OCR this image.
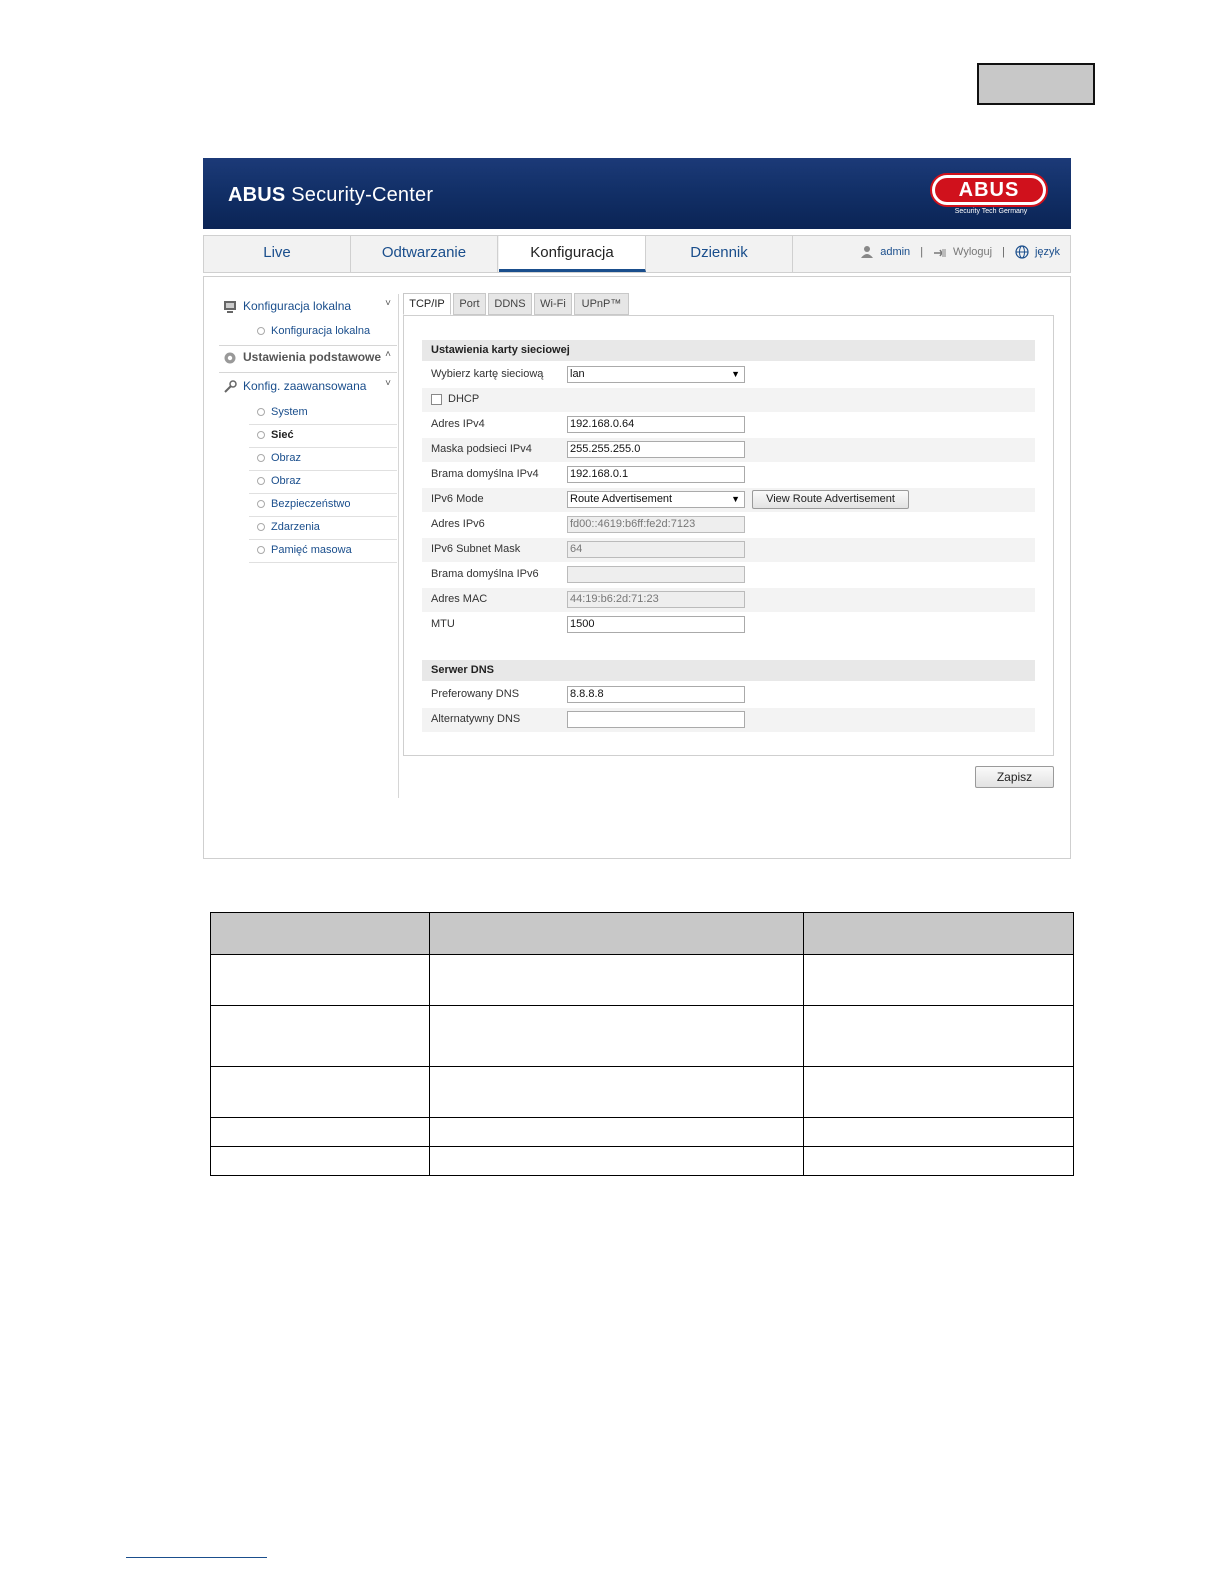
ABUS Security-Center	ABUS
Security Tech Germany
Live	Odtwarzanie	Konfiguracja	Dziennik	admin |	Wyloguj |	język
Konfiguracja lokalna	˅
Konfiguracja lokalna
Ustawienia podstawowe ˄
Konfig. zaawansowana ˅
System
Sieć
Obraz
Obraz
Bezpieczeństwo
Zdarzenia
Pamięć masowa
TCP/IP	Port	DDNS	Wi-Fi	UPnP™
Ustawienia karty sieciowej
Wybierz kartę sieciową lan ▼
DHCP
Adres IPv4	192.168.0.64
Maska podsieci IPv4	255.255.255.0
Brama domyślna IPv4	192.168.0.1
IPv6 Mode	Route Advertisement ▼	View Route Advertisement
Adres IPv6	fd00::4619:b6ff:fe2d:7123
IPv6 Subnet Mask	64
Brama domyślna IPv6
Adres MAC	44:19:b6:2d:71:23
MTU	1500
Serwer DNS
Preferowany DNS	8.8.8.8
Alternatywny DNS
Zapisz
